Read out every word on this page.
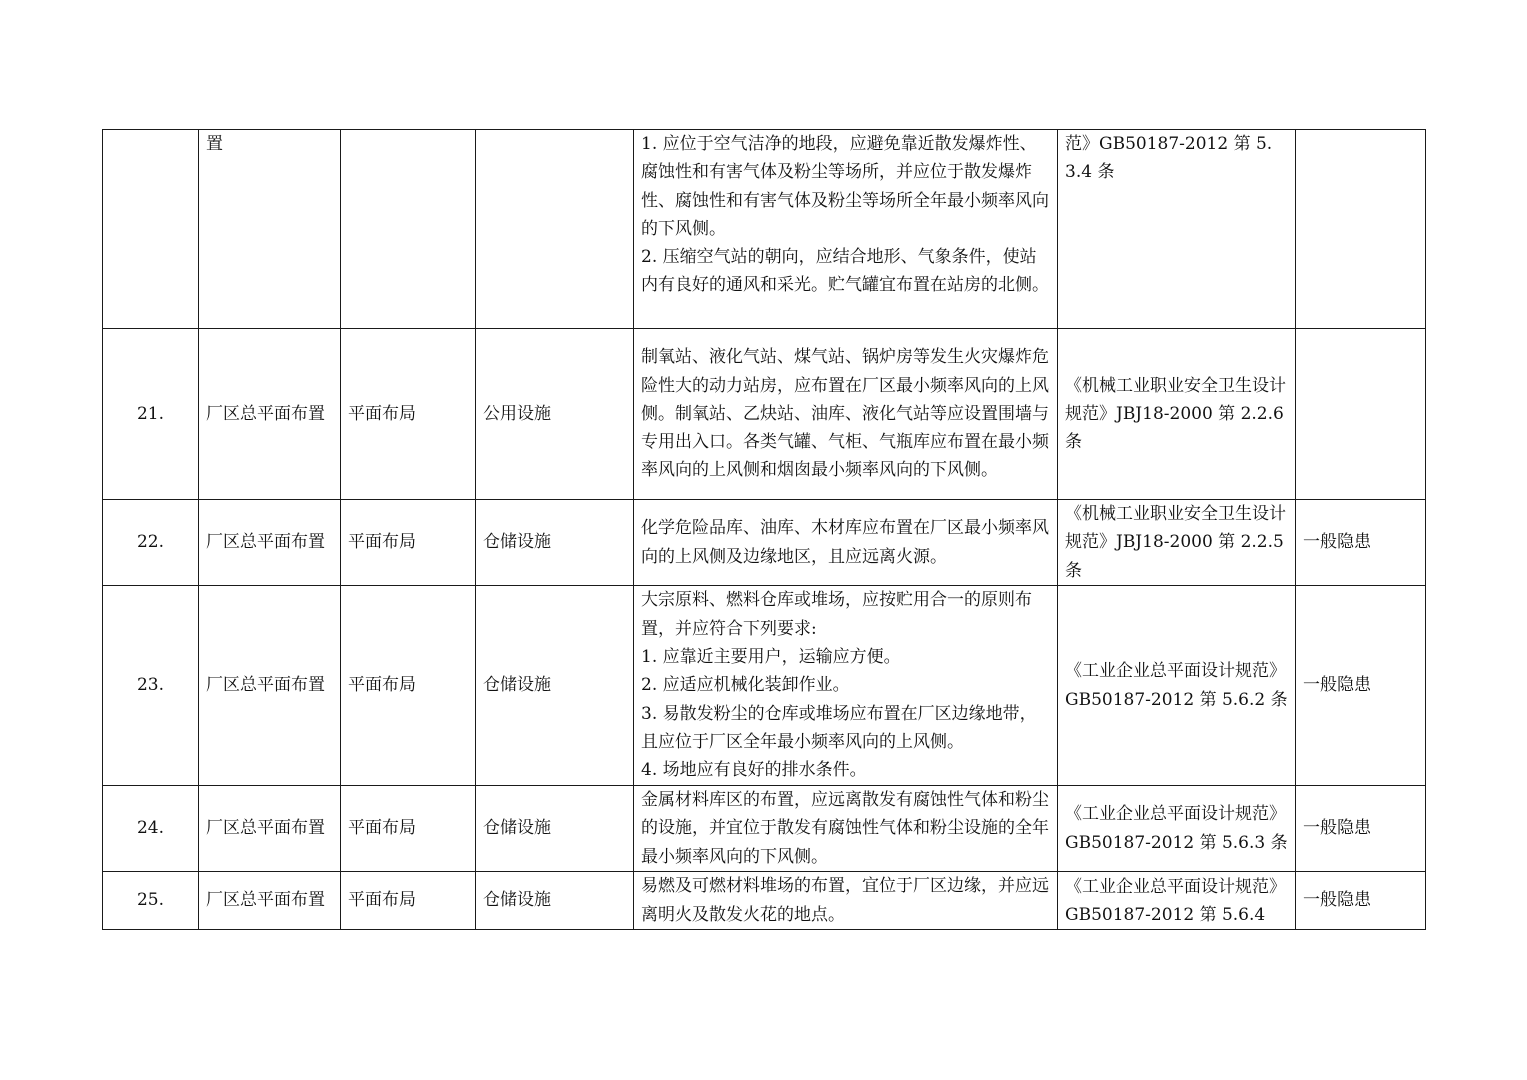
	置			1. 应位于空气洁净的地段，应避免靠近散发爆炸性、腐蚀性和有害气体及粉尘等场所，并应位于散发爆炸性、腐蚀性和有害气体及粉尘等场所全年最小频率风向的下风侧。
2. 压缩空气站的朝向，应结合地形、气象条件，使站内有良好的通风和采光。贮气罐宜布置在站房的北侧。	范》GB50187-2012 第 5.3.4 条	
21.	厂区总平面布置	平面布局	公用设施	制氧站、液化气站、煤气站、锅炉房等发生火灾爆炸危险性大的动力站房，应布置在厂区最小频率风向的上风侧。制氧站、乙炔站、油库、液化气站等应设置围墙与专用出入口。各类气罐、气柜、气瓶库应布置在最小频率风向的上风侧和烟囱最小频率风向的下风侧。	《机械工业职业安全卫生设计规范》JBJ18-2000 第 2.2.6 条	
22.	厂区总平面布置	平面布局	仓储设施	化学危险品库、油库、木材库应布置在厂区最小频率风向的上风侧及边缘地区，且应远离火源。	《机械工业职业安全卫生设计规范》JBJ18-2000 第 2.2.5 条	一般隐患
23.	厂区总平面布置	平面布局	仓储设施	大宗原料、燃料仓库或堆场，应按贮用合一的原则布置，并应符合下列要求:
1. 应靠近主要用户，运输应方便。
2. 应适应机械化装卸作业。
3. 易散发粉尘的仓库或堆场应布置在厂区边缘地带，且应位于厂区全年最小频率风向的上风侧。
4. 场地应有良好的排水条件。	《工业企业总平面设计规范》GB50187-2012 第 5.6.2 条	一般隐患
24.	厂区总平面布置	平面布局	仓储设施	金属材料库区的布置，应远离散发有腐蚀性气体和粉尘的设施，并宜位于散发有腐蚀性气体和粉尘设施的全年最小频率风向的下风侧。	《工业企业总平面设计规范》GB50187-2012 第 5.6.3 条	一般隐患
25.	厂区总平面布置	平面布局	仓储设施	易燃及可燃材料堆场的布置，宜位于厂区边缘，并应远离明火及散发火花的地点。	《工业企业总平面设计规范》GB50187-2012 第 5.6.4	一般隐患
